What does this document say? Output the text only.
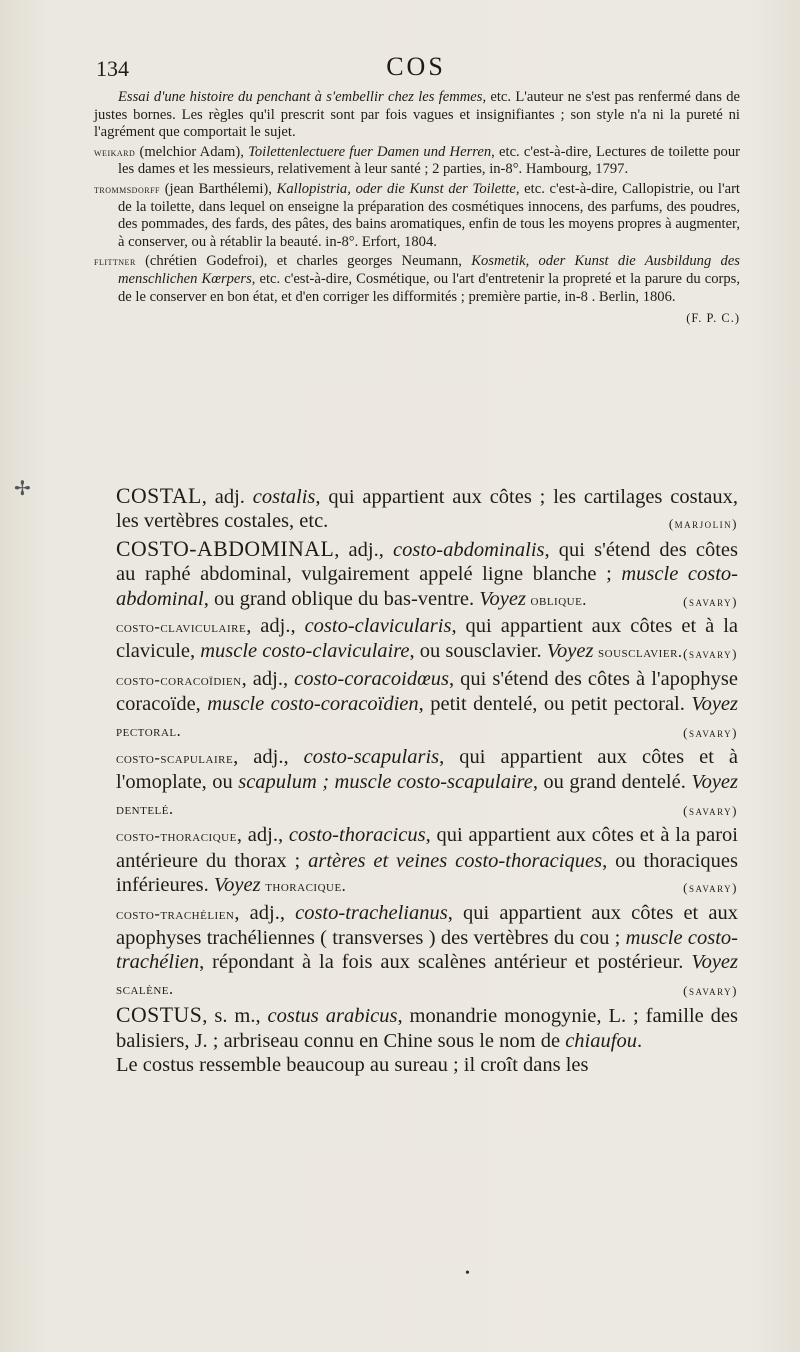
134	COS
✢

Essai d'une histoire du penchant à s'embellir chez les femmes, etc. L'auteur ne s'est pas renfermé dans de justes bornes. Les règles qu'il prescrit sont par fois vagues et insignifiantes ; son style n'a ni la pureté ni l'agrément que comportait le sujet.

weikard (melchior Adam), Toilettenlectuere fuer Damen und Herren, etc. c'est-à-dire, Lectures de toilette pour les dames et les messieurs, relativement à leur santé ; 2 parties, in-8°. Hambourg, 1797.

trommsdorff (jean Barthélemi), Kallopistria, oder die Kunst der Toilette, etc. c'est-à-dire, Callopistrie, ou l'art de la toilette, dans lequel on enseigne la préparation des cosmétiques innocens, des parfums, des poudres, des pommades, des fards, des pâtes, des bains aromatiques, enfin de tous les moyens propres à augmenter, à conserver, ou à rétablir la beauté. in-8°. Erfort, 1804.

flittner (chrétien Godefroi), et charles georges Neumann, Kosmetik, oder Kunst die Ausbildung des menschlichen Kœrpers, etc. c'est-à-dire, Cosmétique, ou l'art d'entretenir la propreté et la parure du corps, de le conserver en bon état, et d'en corriger les difformités ; première partie, in-8 . Berlin, 1806.

(F. P. C.)

COSTAL, adj. costalis, qui appartient aux côtes ; les cartilages costaux, les vertèbres costales, etc.	(marjolin)

COSTO-ABDOMINAL, adj., costo-abdominalis, qui s'étend des côtes au raphé abdominal, vulgairement appelé ligne blanche ; muscle costo-abdominal, ou grand oblique du bas-ventre. Voyez oblique.	(savary)

costo-claviculaire, adj., costo-clavicularis, qui appartient aux côtes et à la clavicule, muscle costo-claviculaire, ou sousclavier. Voyez sousclavier. (savary)

costo-coracoïdien, adj., costo-coracoidœus, qui s'étend des côtes à l'apophyse coracoïde, muscle costo-coracoïdien, petit dentelé, ou petit pectoral. Voyez pectoral.	(savary)

costo-scapulaire, adj., costo-scapularis, qui appartient aux côtes et à l'omoplate, ou scapulum ; muscle costo-scapulaire, ou grand dentelé. Voyez dentelé.	(savary)

costo-thoracique, adj., costo-thoracicus, qui appartient aux côtes et à la paroi antérieure du thorax ; artères et veines costo-thoraciques, ou thoraciques inférieures. Voyez thoracique.	(savary)

costo-trachélien, adj., costo-trachelianus, qui appartient aux côtes et aux apophyses trachéliennes ( transverses ) des vertèbres du cou ; muscle costo-trachélien, répondant à la fois aux scalènes antérieur et postérieur. Voyez scalène.	(savary)

COSTUS, s. m., costus arabicus, monandrie monogynie, L. ; famille des balisiers, J. ; arbriseau connu en Chine sous le nom de chiaufou.

Le costus ressemble beaucoup au sureau ; il croît dans les

•
